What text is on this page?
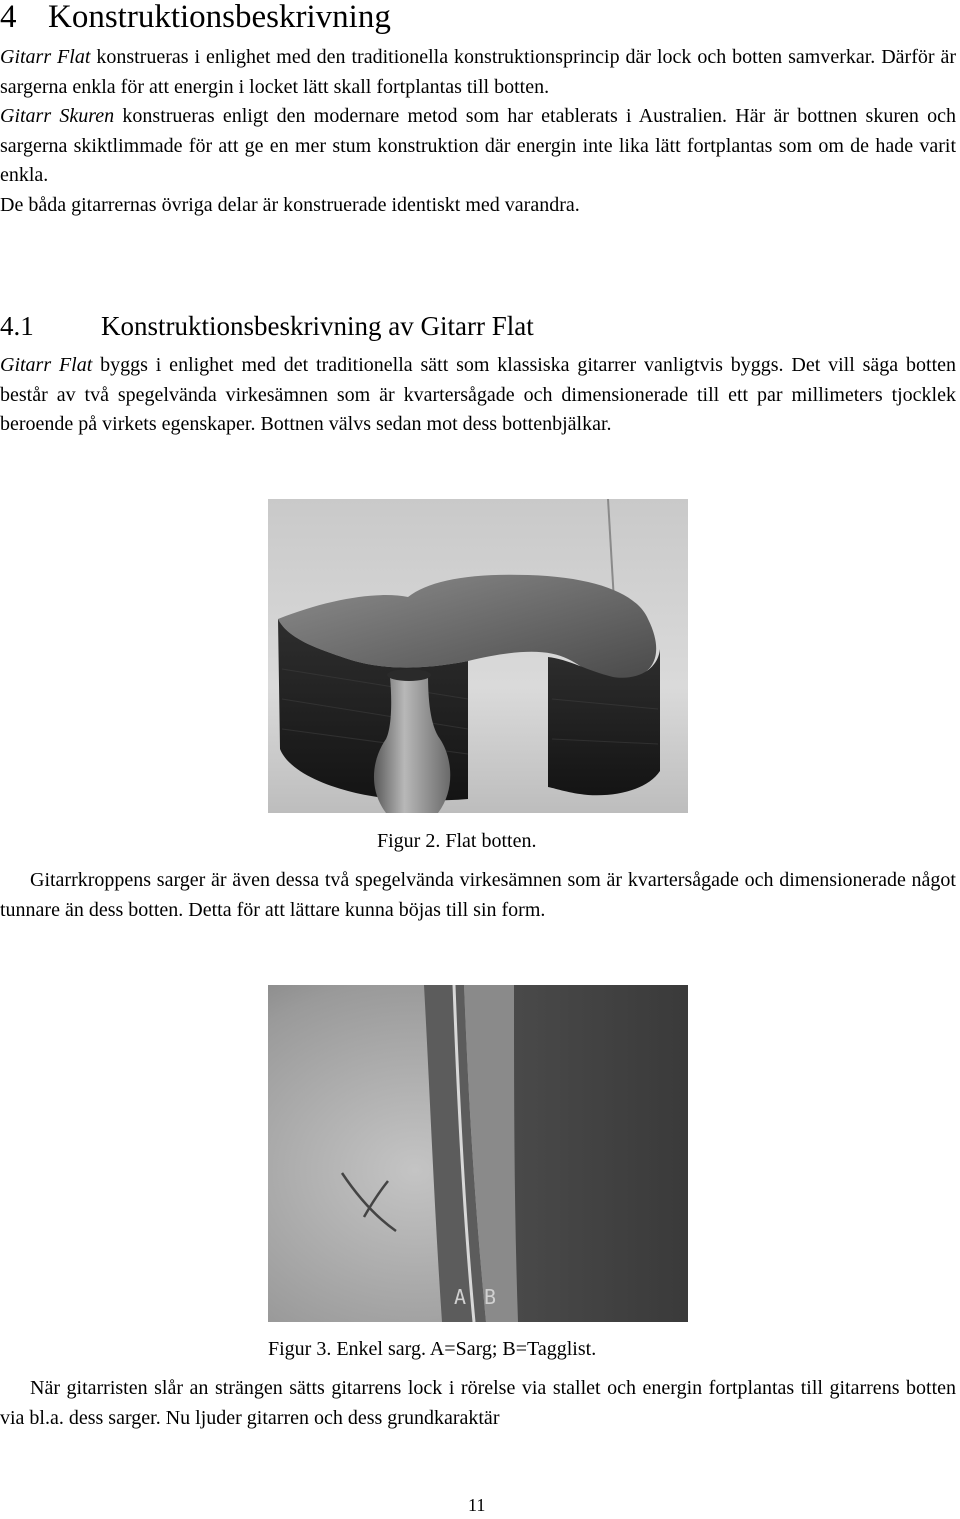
4 Konstruktionsbeskrivning

Gitarr Flat konstrueras i enlighet med den traditionella konstruktionsprincip där lock och botten samverkar. Därför är sargerna enkla för att energin i locket lätt skall fortplantas till botten.

Gitarr Skuren konstrueras enligt den modernare metod som har etablerats i Australien. Här är bottnen skuren och sargerna skiktlimmade för att ge en mer stum konstruktion där energin inte lika lätt fortplantas som om de hade varit enkla.

De båda gitarrernas övriga delar är konstruerade identiskt med varandra.

4.1 Konstruktionsbeskrivning av Gitarr Flat

Gitarr Flat byggs i enlighet med det traditionella sätt som klassiska gitarrer vanligtvis byggs. Det vill säga botten består av två spegelvända virkesämnen som är kvartersågade och dimensionerade till ett par millimeters tjocklek beroende på virkets egenskaper. Bottnen välvs sedan mot dess bottenbjälkar.

Figur 2. Flat botten.

Gitarrkroppens sarger är även dessa två spegelvända virkesämnen som är kvartersågade och dimensionerade något tunnare än dess botten. Detta för att lättare kunna böjas till sin form.

A B

Figur 3. Enkel sarg. A=Sarg; B=Tagglist.

När gitarristen slår an strängen sätts gitarrens lock i rörelse via stallet och energin fortplantas till gitarrens botten via bl.a. dess sarger. Nu ljuder gitarren och dess grundkaraktär

11
